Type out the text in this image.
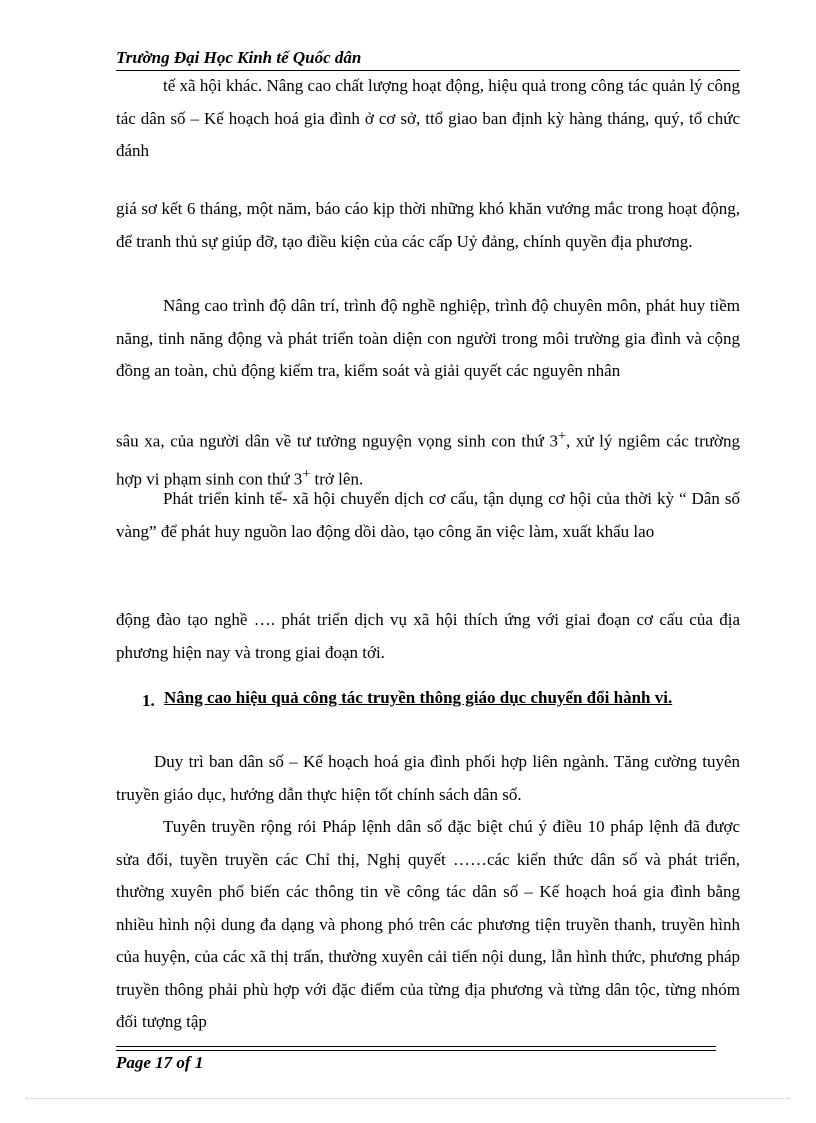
Trường Đại Học Kinh tế Quốc dân
tế xã hội khác. Nâng cao chất lượng hoạt động, hiệu quả trong công tác quản lý công tác dân số – Kế hoạch hoá gia đình ở cơ sở, ttổ giao ban định kỳ hàng tháng, quý, tổ chức đánh
giá sơ kết 6 tháng, một năm, báo cáo kịp thời những khó khăn vướng mắc trong hoạt động, để tranh thủ sự giúp đỡ, tạo điều kiện của các cấp Uỷ đảng, chính quyền địa phương.
Nâng cao trình độ dân trí, trình độ nghề nghiệp, trình độ chuyên môn, phát huy tiềm năng, tinh năng động và phát triển toàn diện con người trong môi trường gia đình và cộng đồng an toàn, chủ động kiểm tra, kiểm soát và giải quyết các nguyên nhân
sâu xa, của người dân về tư tưởng nguyện vọng sinh con thứ 3+, xử lý ngiêm các trường hợp vi phạm sinh con thứ 3+ trở lên.
Phát triển kinh tế- xã hội chuyển dịch cơ cấu, tận dụng cơ hội của thời kỳ “ Dân số vàng” để phát huy nguồn lao động dồi dào, tạo công ăn việc làm, xuất khẩu lao
động đào tạo nghề …. phát triển dịch vụ xã hội thích ứng với giai đoạn cơ cấu của địa phương hiện nay và trong giai đoạn tới.
1. Nâng cao hiệu quả công tác truyền thông giáo dục chuyển đổi hành vi.
Duy trì ban dân số – Kế hoạch hoá gia đình phối hợp liên ngành. Tăng cường tuyên truyền giáo dục, hướng dẫn thực hiện tốt chính sách dân số.
Tuyên truyền rộng rói Pháp lệnh dân số đặc biệt chú ý điều 10 pháp lệnh đã được sửa đổi, tuyền truyền các Chỉ thị, Nghị quyết ……các kiến thức dân số và phát triển, thường xuyên phổ biến các thông tin về công tác dân số – Kế hoạch hoá gia đình bằng nhiều hình nội dung đa dạng và phong phó trên các phương tiện truyền thanh, truyền hình của huyện, của các xã thị trấn, thường xuyên cải tiến nội dung, lẫn hình thức, phương pháp truyền thông phải phù hợp với đặc điểm của từng địa phương và từng dân tộc, từng nhóm đối tượng tập
Page 17 of 1
